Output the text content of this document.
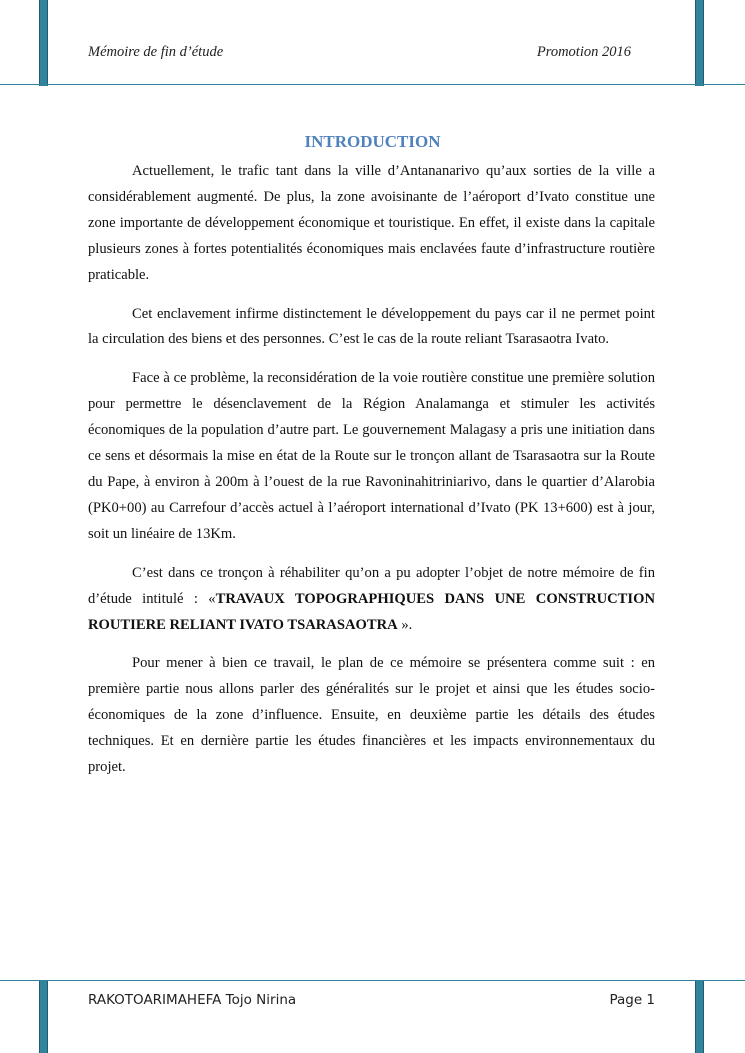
Mémoire de fin d’étude	Promotion 2016
INTRODUCTION

Actuellement, le trafic tant dans la ville d’Antananarivo qu’aux sorties de la ville a considérablement augmenté. De plus, la zone avoisinante de l’aéroport d’Ivato constitue une zone importante de développement économique et touristique. En effet, il existe dans la capitale plusieurs zones à fortes potentialités économiques mais enclavées faute d’infrastructure routière praticable.

Cet enclavement infirme distinctement le développement du pays car il ne permet point la circulation des biens et des personnes. C’est le cas de la route reliant Tsarasaotra Ivato.

Face à ce problème, la reconsidération de la voie routière constitue une première solution pour permettre le désenclavement de la Région Analamanga et stimuler les activités économiques de la population d’autre part. Le gouvernement Malagasy a pris une initiation dans ce sens et désormais la mise en état de la Route sur le tronçon allant de Tsarasaotra sur la Route du Pape, à environ à 200m à l’ouest de la rue Ravoninahitriniarivo, dans le quartier d’Alarobia (PK0+00) au Carrefour d’accès actuel à l’aéroport international d’Ivato (PK 13+600) est à jour, soit un linéaire de 13Km.

C’est dans ce tronçon à réhabiliter qu’on a pu adopter l’objet de notre mémoire de fin d’étude intitulé : «TRAVAUX TOPOGRAPHIQUES DANS UNE CONSTRUCTION ROUTIERE RELIANT IVATO TSARASAOTRA ».

Pour mener à bien ce travail, le plan de ce mémoire se présentera comme suit : en première partie nous allons parler des généralités sur le projet et ainsi que les études socio-économiques de la zone d’influence. Ensuite, en deuxième partie les détails des études techniques. Et en dernière partie les études financières et les impacts environnementaux du projet.

RAKOTOARIMAHEFA Tojo Nirina	Page 1
